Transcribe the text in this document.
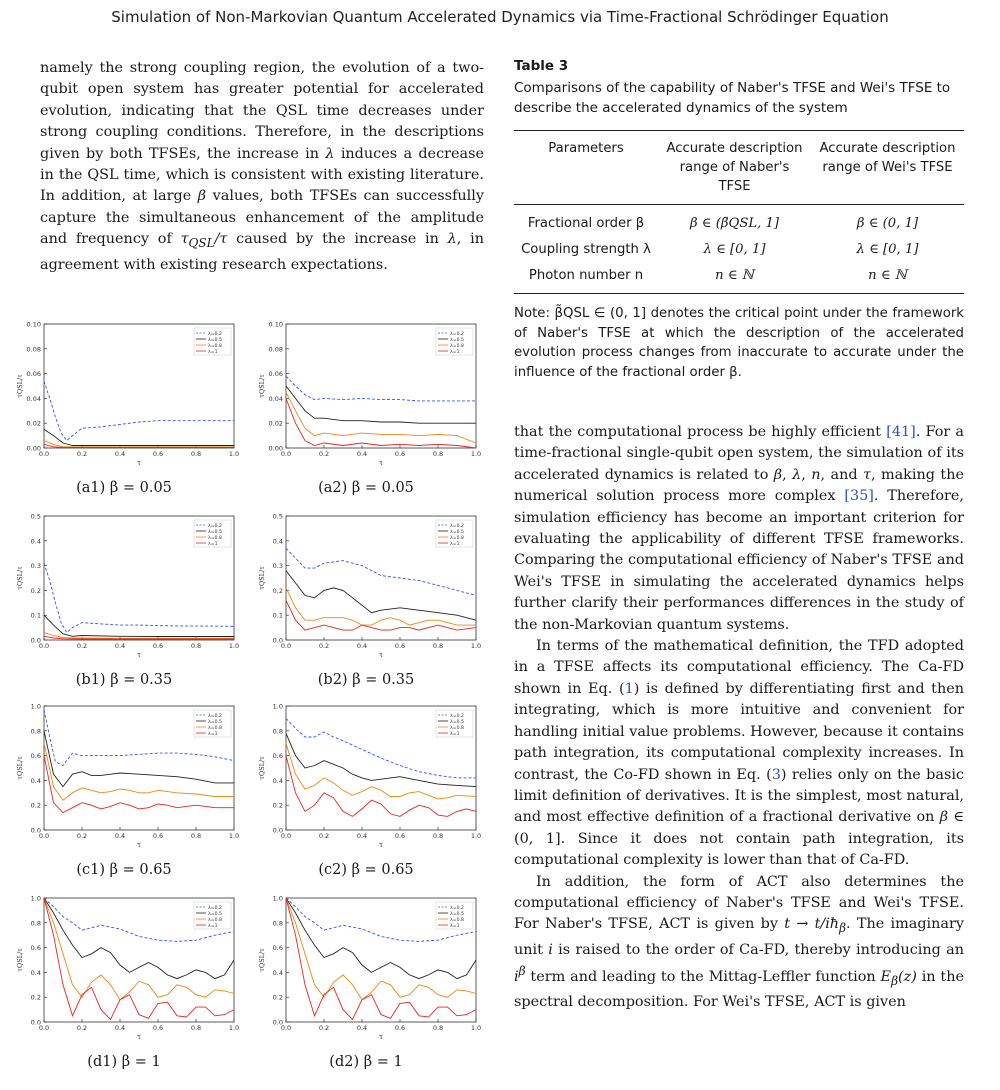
Simulation of Non-Markovian Quantum Accelerated Dynamics via Time-Fractional Schrödinger Equation

namely the strong coupling region, the evolution of a two-qubit open system has greater potential for accelerated evolution, indicating that the QSL time decreases under strong coupling conditions. Therefore, in the descriptions given by both TFSEs, the increase in λ induces a decrease in the QSL time, which is consistent with existing literature. In addition, at large β values, both TFSEs can successfully capture the simultaneous enhancement of the amplitude and frequency of $\tau_{QSL}/\tau$ caused by the increase in λ, in agreement with existing research expectations.

0.00
0.02
0.04
0.06
0.08
0.10
0.0	0.2	0.4	0.6	0.8	1.0
τ
τQSL/τ
λ=0.2
λ=0.5
λ=0.8
λ=1
(a1) β = 0.05
0.00
0.02
0.04
0.06
0.08
0.10
0.0	0.2	0.4	0.6	0.8	1.0
τ
τQSL/τ
λ=0.2
λ=0.5
λ=0.8
λ=1
(a2) β = 0.05
0.0
0.1
0.2
0.3
0.4
0.5
0.0	0.2	0.4	0.6	0.8	1.0
τ
τQSL/τ
λ=0.2
λ=0.5
λ=0.8
λ=1
(b1) β = 0.35
0.0
0.1
0.2
0.3
0.4
0.5
0.0	0.2	0.4	0.6	0.8	1.0
τ
τQSL/τ
λ=0.2
λ=0.5
λ=0.8
λ=1
(b2) β = 0.35
0.0
0.2
0.4
0.6
0.8
1.0
0.0	0.2	0.4	0.6	0.8	1.0
τ
τQSL/τ
λ=0.2
λ=0.5
λ=0.8
λ=1
(c1) β = 0.65
0.0
0.2
0.4
0.6
0.8
1.0
0.0	0.2	0.4	0.6	0.8	1.0
τ
τQSL/τ
λ=0.2
λ=0.5
λ=0.8
λ=1
(c2) β = 0.65
0.0
0.2
0.4
0.6
0.8
1.0
0.0	0.2	0.4	0.6	0.8	1.0
τ
τQSL/τ
λ=0.2
λ=0.5
λ=0.8
λ=1
(d1) β = 1
0.0
0.2
0.4
0.6
0.8
1.0
0.0	0.2	0.4	0.6	0.8	1.0
τ
τQSL/τ
λ=0.2
λ=0.5
λ=0.8
λ=1
(d2) β = 1
Table 3
Comparisons of the capability of Naber's TFSE and Wei's TFSE to describe the accelerated dynamics of the system
Parameters	Accurate description range of Naber's TFSE	Accurate description range of Wei's TFSE
Fractional order β	β ∈ (β̃QSL, 1]	β ∈ (0, 1]
Coupling strength λ	λ ∈ [0, 1]	λ ∈ [0, 1]
Photon number n	n ∈ ℕ	n ∈ ℕ
Note: β̃QSL ∈ (0, 1] denotes the critical point under the framework of Naber's TFSE at which the description of the accelerated evolution process changes from inaccurate to accurate under the influence of the fractional order β.

that the computational process be highly efficient [41]. For a time-fractional single-qubit open system, the simulation of its accelerated dynamics is related to β, λ, n, and τ, making the numerical solution process more complex [35]. Therefore, simulation efficiency has become an important criterion for evaluating the applicability of different TFSE frameworks. Comparing the computational efficiency of Naber's TFSE and Wei's TFSE in simulating the accelerated dynamics helps further clarify their performances differences in the study of the non-Markovian quantum systems.

In terms of the mathematical definition, the TFD adopted in a TFSE affects its computational efficiency. The Ca-FD shown in Eq. (1) is defined by differentiating first and then integrating, which is more intuitive and convenient for handling initial value problems. However, because it contains path integration, its computational complexity increases. In contrast, the Co-FD shown in Eq. (3) relies only on the basic limit definition of derivatives. It is the simplest, most natural, and most effective definition of a fractional derivative on β ∈ (0, 1]. Since it does not contain path integration, its computational complexity is lower than that of Ca-FD.

In addition, the form of ACT also determines the computational efficiency of Naber's TFSE and Wei's TFSE. For Naber's TFSE, ACT is given by $t \to t/iħ_\beta$. The imaginary unit i is raised to the order of Ca-FD, thereby introducing an $i^\beta$ term and leading to the Mittag-Leffler function $E_\beta(z)$ in the spectral decomposition. For Wei's TFSE, ACT is given
